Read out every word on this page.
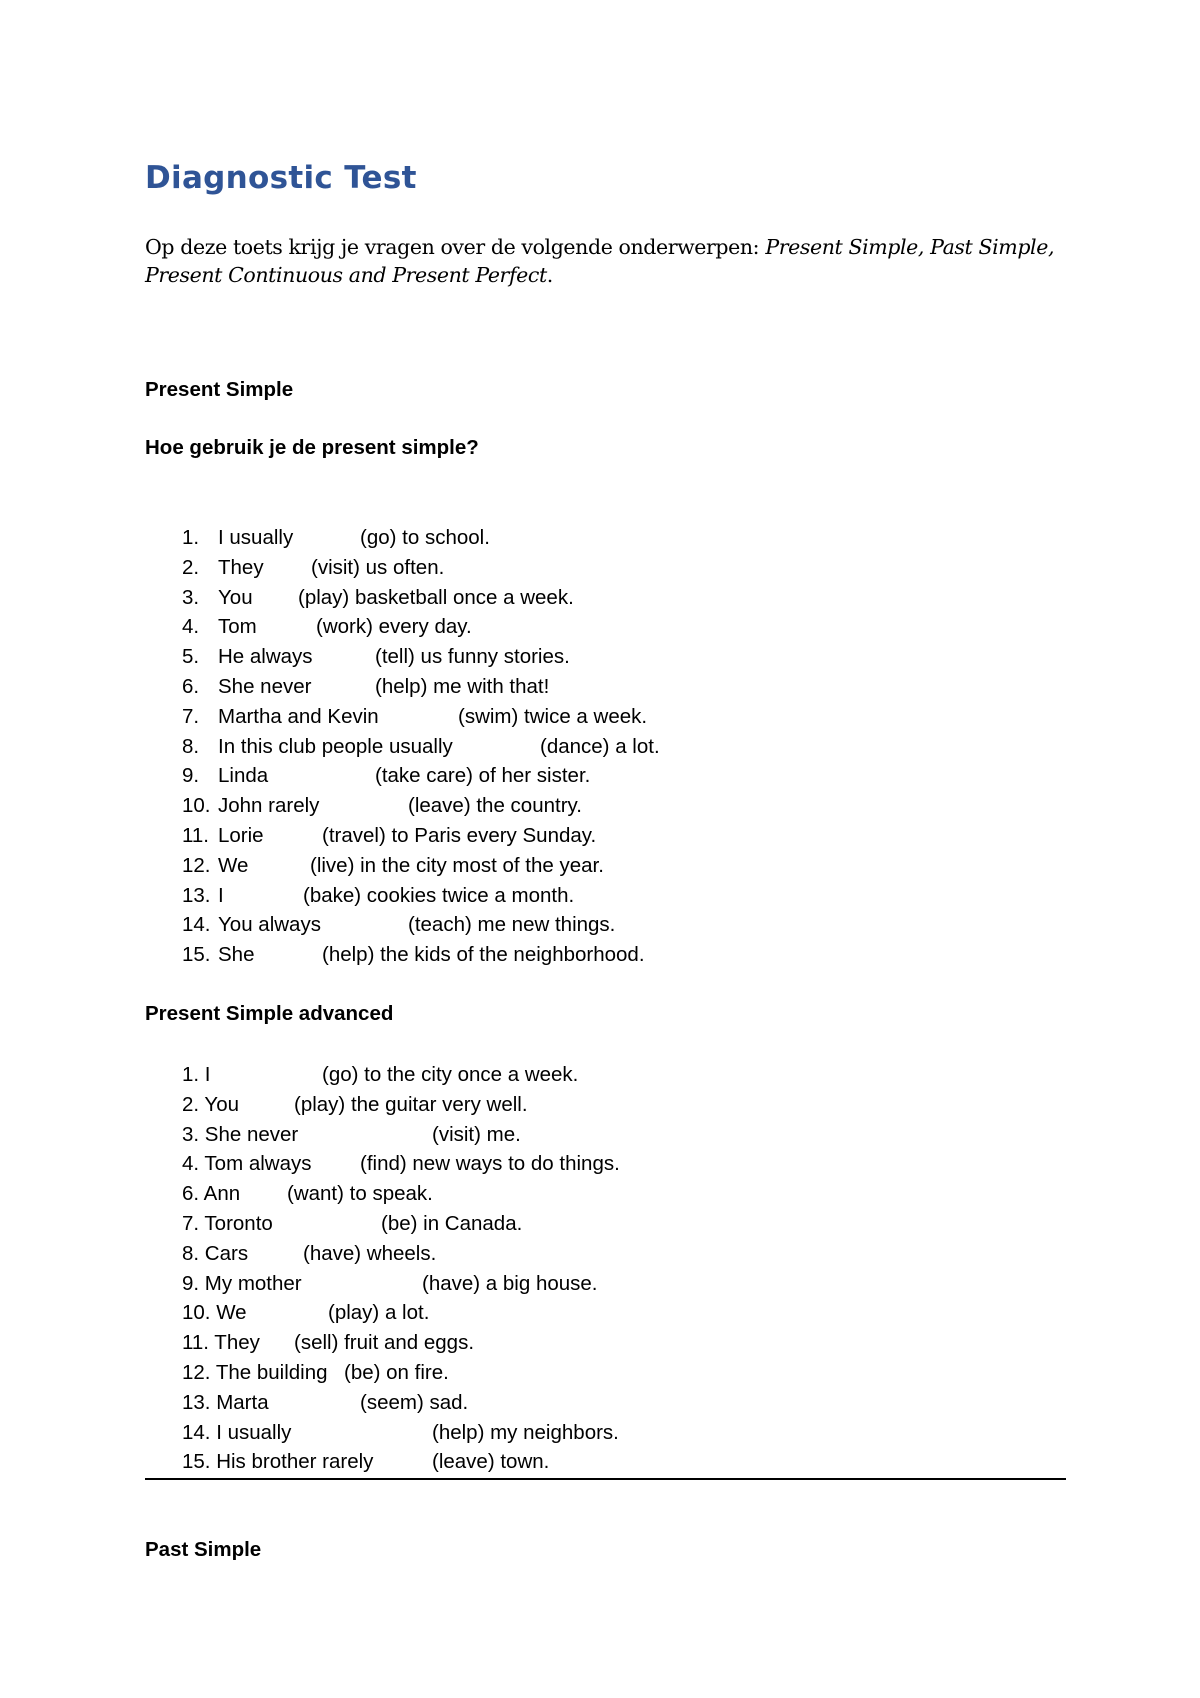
Diagnostic Test

Op deze toets krijg je vragen over de volgende onderwerpen: Present Simple, Past Simple, Present Continuous and Present Perfect.

Present Simple
Hoe gebruik je de present simple?
1. I usually	(go) to school.
2. They (visit) us often.
3. You (play) basketball once a week.
4. Tom	(work) every day.
5. He always	(tell) us funny stories.
6. She never	(help) me with that!
7. Martha and Kevin	(swim) twice a week.
8. In this club people usually	(dance) a lot.
9. Linda	(take care) of her sister.
10. John rarely	(leave) the country.
11. Lorie	(travel) to Paris every Sunday.
12. We	(live) in the city most of the year.
13. I	(bake) cookies twice a month.
14. You always	(teach) me new things.
15. She	(help) the kids of the neighborhood.
Present Simple advanced
1. I	(go) to the city once a week.
2. You	(play) the guitar very well.
3. She never	(visit) me.
4. Tom always (find) new ways to do things.
6. Ann (want) to speak.
7. Toronto	(be) in Canada.
8. Cars	(have) wheels.
9. My mother	(have) a big house.
10. We	(play) a lot.
11. They (sell) fruit and eggs.
12. The building (be) on fire.
13. Marta	(seem) sad.
14. I usually	(help) my neighbors.
15. His brother rarely	(leave) town.
Past Simple
